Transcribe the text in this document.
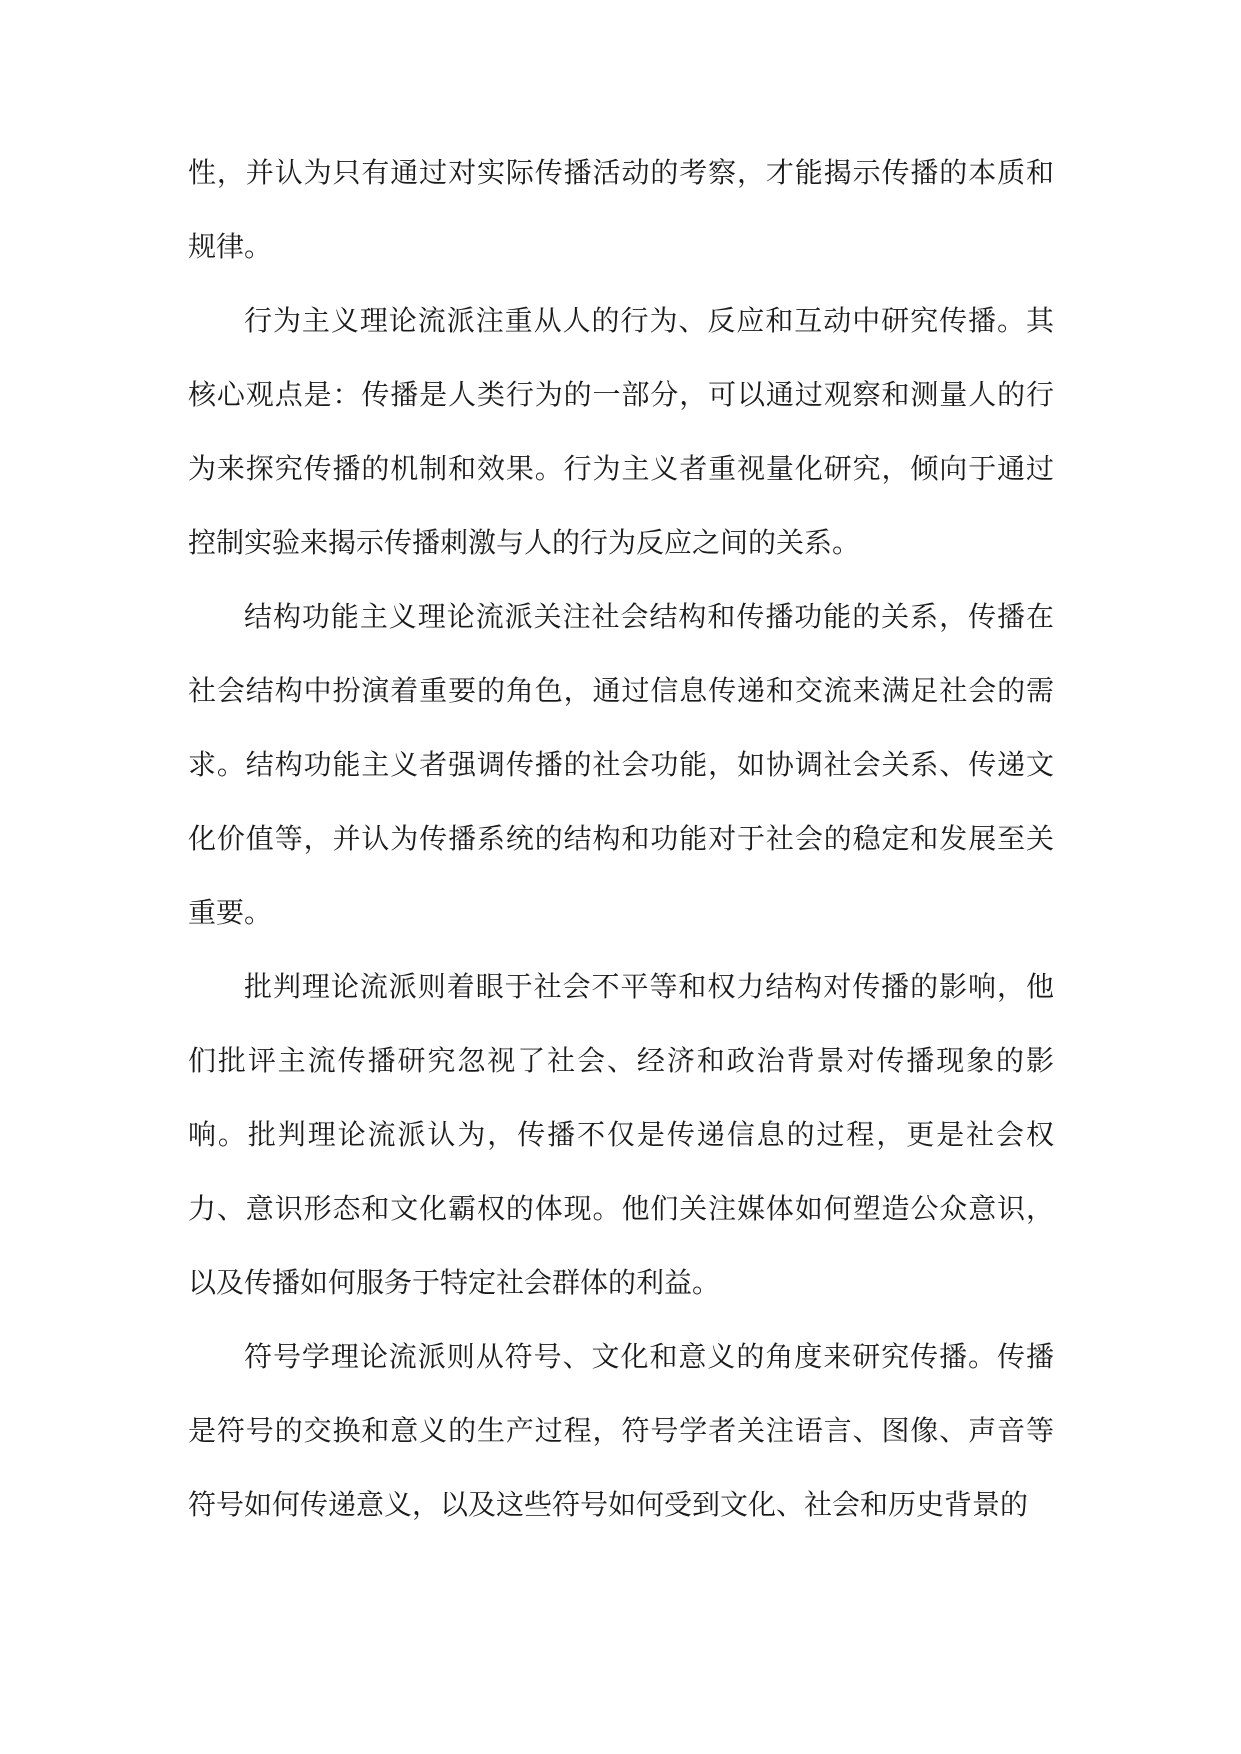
性，并认为只有通过对实际传播活动的考察，才能揭示传播的本质和规律。

行为主义理论流派注重从人的行为、反应和互动中研究传播。其核心观点是：传播是人类行为的一部分，可以通过观察和测量人的行为来探究传播的机制和效果。行为主义者重视量化研究，倾向于通过控制实验来揭示传播刺激与人的行为反应之间的关系。

结构功能主义理论流派关注社会结构和传播功能的关系，传播在社会结构中扮演着重要的角色，通过信息传递和交流来满足社会的需求。结构功能主义者强调传播的社会功能，如协调社会关系、传递文化价值等，并认为传播系统的结构和功能对于社会的稳定和发展至关重要。

批判理论流派则着眼于社会不平等和权力结构对传播的影响，他们批评主流传播研究忽视了社会、经济和政治背景对传播现象的影响。批判理论流派认为，传播不仅是传递信息的过程，更是社会权力、意识形态和文化霸权的体现。他们关注媒体如何塑造公众意识，以及传播如何服务于特定社会群体的利益。

符号学理论流派则从符号、文化和意义的角度来研究传播。传播是符号的交换和意义的生产过程，符号学者关注语言、图像、声音等符号如何传递意义，以及这些符号如何受到文化、社会和历史背景的
